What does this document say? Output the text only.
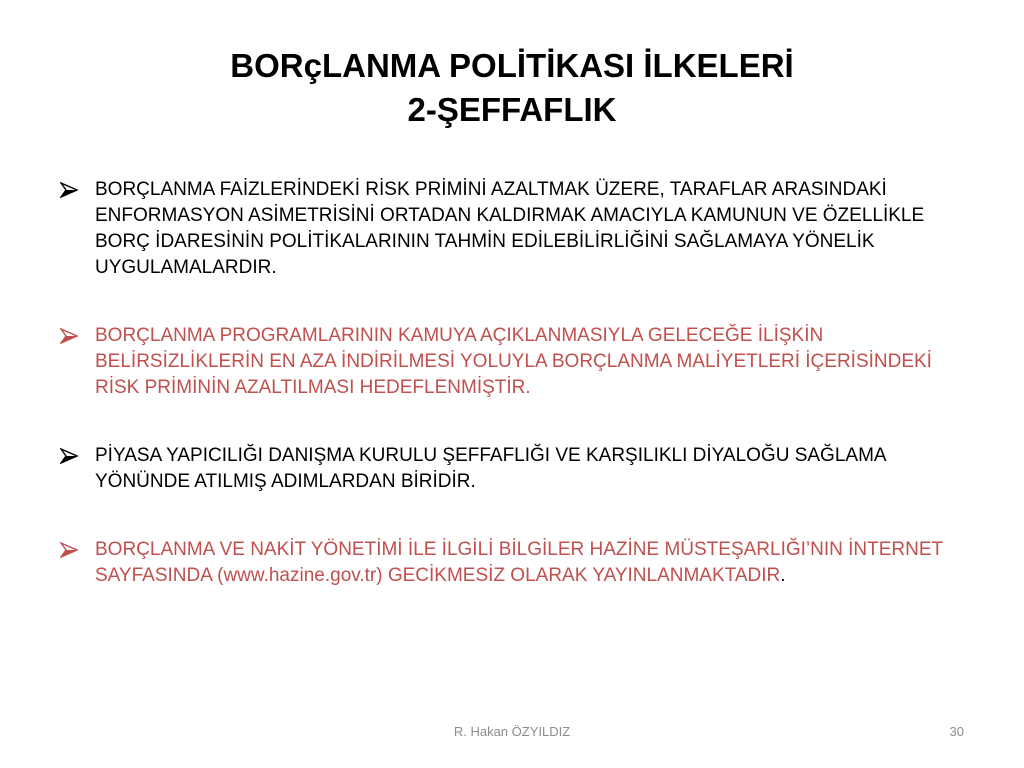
BORçLANMA POLİTİKASI İLKELERİ
2-ŞEFFAFLIK
BORÇLANMA FAİZLERİNDEKİ RİSK PRİMİNİ AZALTMAK ÜZERE, TARAFLAR ARASINDAKİ ENFORMASYON ASİMETRİSİNİ ORTADAN KALDIRMAK AMACIYLA KAMUNUN VE ÖZELLİKLE BORÇ İDARESİNİN POLİTİKALARININ TAHMİN EDİLEBİLİRLİĞİNİ SAĞLAMAYA YÖNELİK UYGULAMALARDIR.
BORÇLANMA PROGRAMLARININ KAMUYA AÇIKLANMASIYLA GELECEĞE İLİŞKİN BELİRSİZLİKLERİN EN AZA İNDİRİLMESİ YOLUYLA BORÇLANMA MALİYETLERİ İÇERİSİNDEKİ RİSK PRİMİNİN AZALTILMASI HEDEFLENMİŞTİR.
PİYASA YAPICILIĞI DANIŞMA KURULU ŞEFFAFLIĞI VE KARŞILIKLI DİYALOĞU SAĞLAMA YÖNÜNDE ATILMIŞ ADIMLARDAN BİRİDİR.
BORÇLANMA VE NAKİT YÖNETİMİ İLE İLGİLİ BİLGİLER HAZİNE MÜSTEŞARLIĞI’NIN İNTERNET SAYFASINDA (www.hazine.gov.tr) GECİKMESİZ OLARAK YAYINLANMAKTADIR.
R. Hakan ÖZYILDIZ	30
